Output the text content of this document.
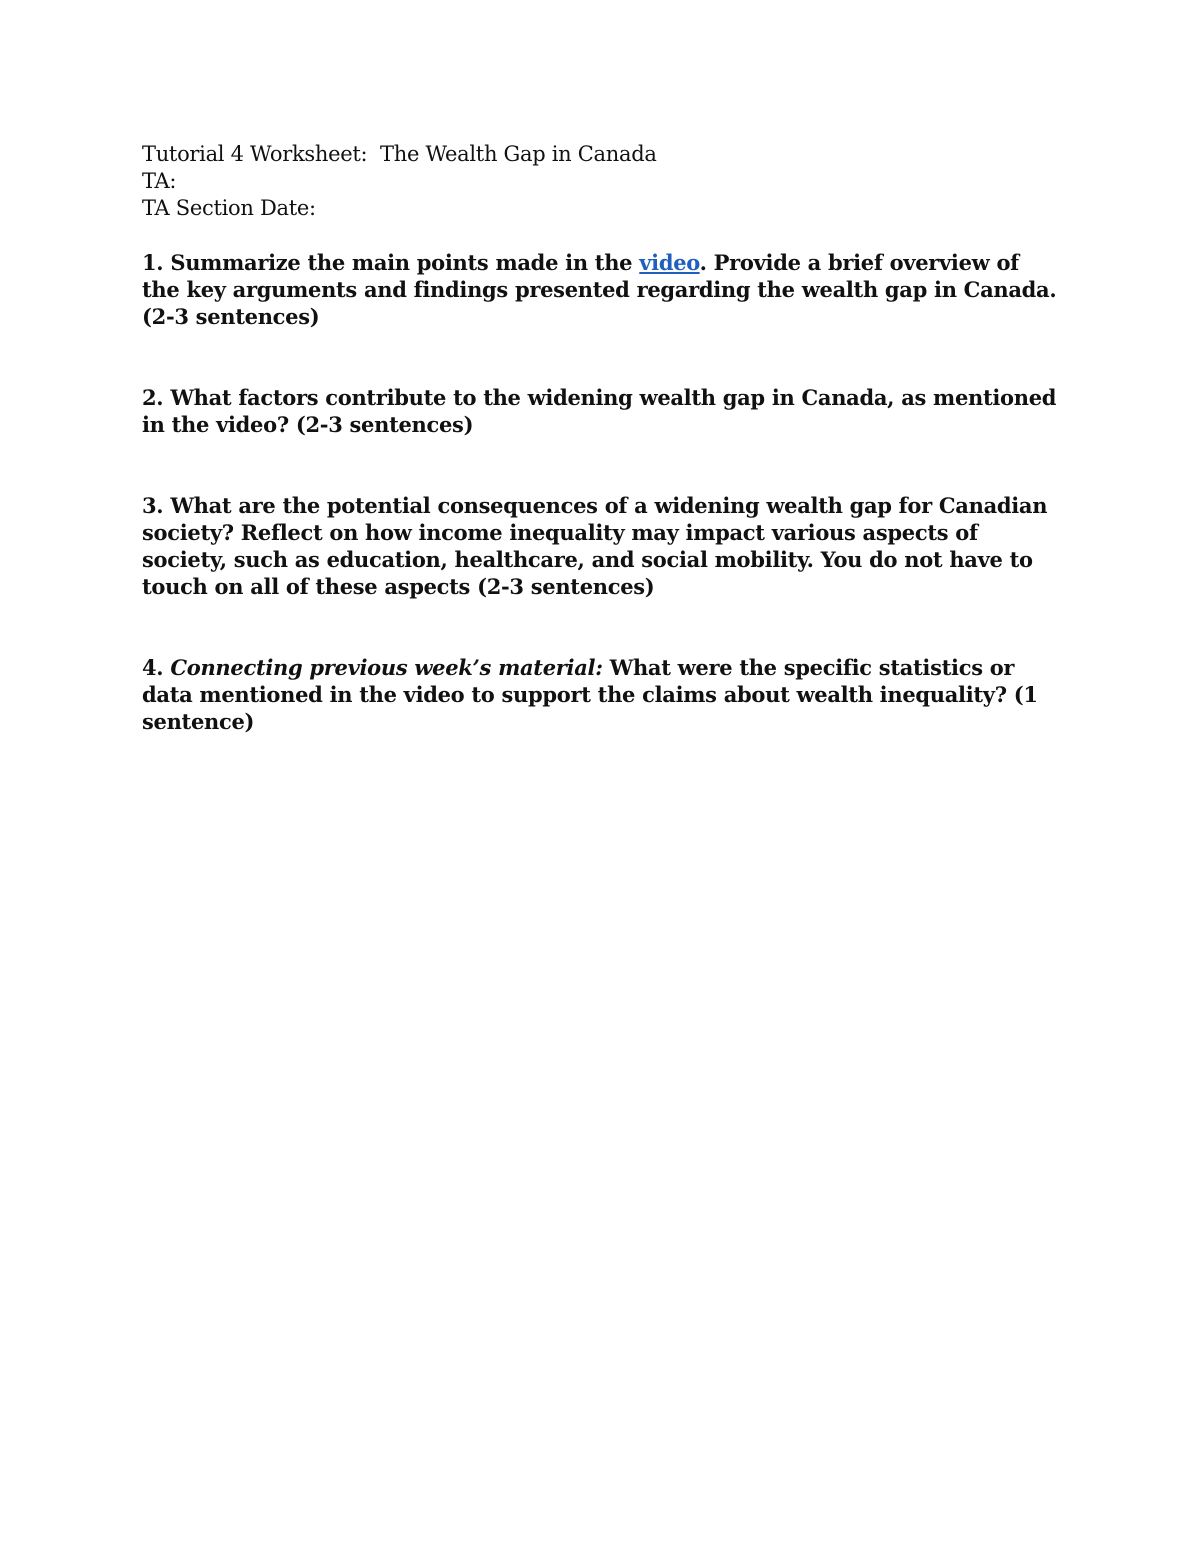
Tutorial 4 Worksheet: The Wealth Gap in Canada
TA:
TA Section Date:
1. Summarize the main points made in the video. Provide a brief overview of the key arguments and findings presented regarding the wealth gap in Canada. (2-3 sentences)
2. What factors contribute to the widening wealth gap in Canada, as mentioned in the video? (2-3 sentences)
3. What are the potential consequences of a widening wealth gap for Canadian society? Reflect on how income inequality may impact various aspects of society, such as education, healthcare, and social mobility. You do not have to touch on all of these aspects (2-3 sentences)
4. Connecting previous week’s material: What were the specific statistics or data mentioned in the video to support the claims about wealth inequality? (1 sentence)
